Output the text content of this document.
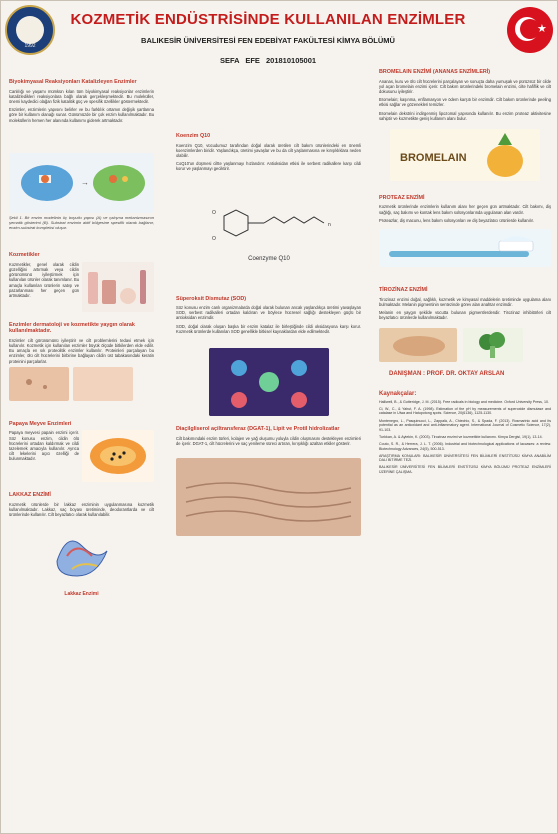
1992
KOZMETİK ENDÜSTRİSİNDE KULLANILAN ENZİMLER
BALIKESİR ÜNİVERSİTESİ FEN EDEBİYAT FAKÜLTESİ KİMYA BÖLÜMÜ
SEFA EFE 201810105001
★
Biyokimyasal Reaksiyonları Katalizleyen Enzimler

Canlılığı ve yaşamı mümkün kılan tüm biyokimyasal reaksiyonlar enzimlerin katalizledikleri reaksiyonlara bağlı olarak gerçekleşmektedir. Bu moleküller, önemi kaydedici olağan fizik katalitik güç ve spesifik özellikler göstermektedir.

Enzimler, enzimlerin yapısını belirler ve bu farklılık ortamın değişik şartlarına göre bir kullanım olanağı sunar. Günümüzde bir çok enzim kullanılmaktadır. Bu moleküllerin hemen her alanında kullanımı giderek artmaktadır.

→
Şekil 1. Bir enzim modelinin üç boyutlu yapısı (A) ve çalışma mekanizmasının şematik gösterimi (B). Substrat enzimin aktif bölgesine spesifik olarak bağlanır, enzim-substrat kompleksi oluşur.
Kozmetikler

Kozmetikler, genel olarak cildin güzelliğini artırmak veya cildin görünümünü iyileştirmek için kullanılan ürünler olarak tanımlanır. Bu amaçla kullanılan ürünlerin satışı ve pazarlanması her geçen gün artmaktadır.

Enzimler dermatoloji ve kozmetikte yaygın olarak kullanılmaktadır.

Enzimler cilt görünümünü iyileştirir ve cilt problemlerini tedavi etmek için kullanılır. Kozmetik için kullanılan enzimler büyük ölçüde bitkilerden elde edilir. Bu amaçla en sık proteolitik enzimler kullanılır. Proteinleri parçalayan bu enzimler, ölü cilt hücrelerini birbirine bağlayan cildin üst tabakasındaki keratin proteinini parçalarlar.

Papaya Meyve Enzimleri

Papaya meyvesi papain enzimi içerir. Söz konusu enzim, cildin ölü hücrelerini ortadan kaldırmak ve cildi tazelemek amacıyla kullanılır. Ayrıca cilt lekelerini açıcı özelliği de bulunmaktadır.

LAKKAZ ENZİMİ

Kozmetik ürünlerde bir lakkaz enziminin uygulanmasına kozmetik kullanılmaktadır. Lakkaz, saç boyası üretiminde, deodorantlarda ve cilt ürünlerinde kullanılır. Cilt beyazlatıcı olarak kullanılabilir.

Lakkaz Enzimi
Koenzim Q10

Koenzim Q10, vücudumuz tarafından doğal olarak üretilen cilt bakım ürünlerindeki en önemli koenzimlerden biridir. Yaşlandıkça, üretimi yavaşlar ve bu da cilt yaşlanmasına ve kırışıklıklara neden olabilir.

CoQ10'un düşmesi ciltte yaşlanmayı hızlandırır. Antioksidan etkisi ile serbest radikallere karşı cildi korur ve yaşlanmayı geciktirir.

O
O
n
Coenzyme Q10
Süperoksit Dismutaz (SOD)

Söz konusu enzim canlı organizmalarda doğal olarak bulunan ancak yaşlandıkça üretimi yavaşlayan SOD, serbest radikalleri ortadan kaldıran ve böylece hücresel sağlığı destekleyen güçlü bir antioksidan enzimdir.

SOD, doğal olarak oluşan başka bir enzim katalaz ile birleştiğinde cildi oksidasyona karşı korur. Kozmetik ürünlerde kullanılan SOD genellikle bitkisel kaynaklardan elde edilmektedir.

Diaçilgliserol açiltransferaz (DGAT-1), Lipit ve Protil hidrolizatlar

Cilt bakımındaki enzim türleri, kolajen ve yağ oluşumu yoluyla cildin oluşmasını destekleyen enzimleri de içerir. DGAT-1, cilt hücrelerini ve saç yenileme süreci artıran, kırışıklığı azaltan etkiler gösterir.

BROMELAIN ENZİMİ (ANANAS ENZİMLERİ)

Ananas, kuru ve ölü cilt hücrelerini parçalayan ve sonuçta daha yumuşak ve pürüzsüz bir cilde yol açan bromelain enzimi içerir. Cilt bakım ürünlerindeki bromelain enzimi, cilte hafiflik ve cilt dokusunu iyileştirir.

Bromelain; kaşınma, enflamasyon ve ödem karşıtı bir enzimdir. Cilt bakım ürünlerinde peeling etkisi sağlar ve gözenekleri temizler.

Bromelain dekstrini indirgenmiş lipozomal yapısında kullanılır. Bu enzim proteaz aktivitesine sahiptir ve kozmetikte geniş kullanım alanı bulur.

BROMELAIN
PROTEAZ ENZİMİ

Kozmetik ürünlerinde enzimlerin kullanım alanı her geçen gün artmaktadır. Cilt bakımı, diş sağlığı, saç bakımı ve kontak lens bakım solüsyonlarında uygulanan alan vardır.

Proteazlar, diş macunu, lens bakım solüsyonları ve diş beyazlatıcı ürünlerde kullanılır.

TİROZİNAZ ENZİMİ

Tirozinaz enzimi doğal, sağlıklı, kozmetik ve kimyasal maddelerin üretiminde uygulama alanı bulmaktadır. Melanin pigmentinin sentezinde görev alan anahtar enzimdir.

Melanin en yaygın şekilde vücutta bulunan pigmentlerdendir. Tirozinaz inhibitörleri cilt beyazlatıcı ürünlerde kullanılmaktadır.

DANIŞMAN : PROF. DR. OKTAY ARSLAN
Kaynakçalar:

Halliwell, B., & Gutteridge, J. M. (2015). Free radicals in biology and medicine. Oxford University Press, 10.

Ci, W., C., & Yahut, F. A. (1998). Estimation of the pH by measurements of superoxide dismutase and catalase in Ulwa and Hatupotong spots. Science, 20(6136), 1125-1130.

Montenegro, L., Pasquinucci, L., Zappalà, A., Chiechio, S., & Spada, F. (2013). Rosmarinic acid and its potential as an antioxidant and anti-inflammatory agent. International Journal of Cosmetic Science, 17(2), 91-103.

Turkkan, A. & Aytekin, K. (2003). Tirozinaz enzimi ve kozmetikte kullanımı. Kimya Dergisi, 19(1), 13-14.

Couto, S. R., & Herrera, J. L. T. (2006). Industrial and biotechnological applications of laccases: a review. Biotechnology Advances, 24(5), 500-513.

ARAŞTIRMA KONULARI: BALIKESİR ÜNİVERSİTESİ FEN BİLİMLERİ ENSTİTÜSÜ KİMYA ANABİLİM DALI BİTİRME TEZİ.

BALIKESİR ÜNİVERSİTESİ FEN BİLİMLERİ ENSTİTÜSÜ KİMYA BÖLÜMÜ PROTEAZ ENZİMLERİ ÜZERİNE ÇALIŞMA.
